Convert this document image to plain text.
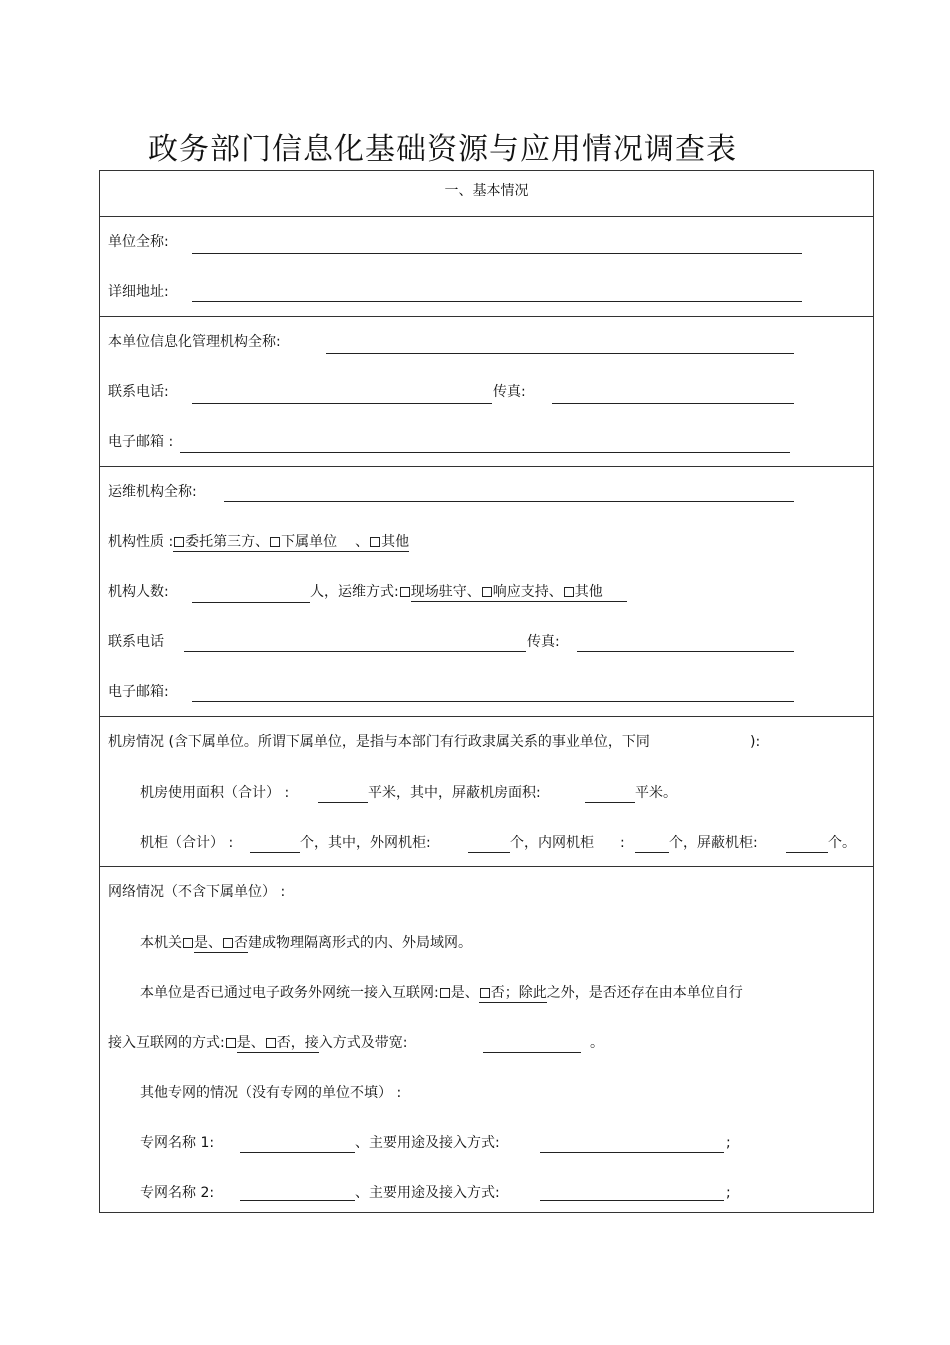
政务部门信息化基础资源与应用情况调查表
一、基本情况
单位全称:
详细地址:
本单位信息化管理机构全称:
联系电话:	传真:
电子邮箱 :
运维机构全称:
机构性质 : 委托第三方、 下属单位 、 其他
机构人数:	人，运维方式: 现场驻守、 响应支持、 其他
联系电话	传真:
电子邮箱:
机房情况 (含下属单位。所谓下属单位，是指与本部门有行政隶属关系的事业单位，下同	):
机房使用面积（合计） :	平米，其中，屏蔽机房面积:	平米。
机柜（合计） :	个，其中，外网机柜:	个，内网机柜 :	个，屏蔽机柜:	个。
网络情况（不含下属单位） :
本机关 是、 否建成物理隔离形式的内、外局域网。
本单位是否已通过电子政务外网统一接入互联网: 是、 否；除此之外，是否还存在由本单位自行
接入互联网的方式: 是、 否，接入方式及带宽:	。
其他专网的情况（没有专网的单位不填） :
专网名称 1:	、主要用途及接入方式:	;
专网名称 2:	、主要用途及接入方式:	;
